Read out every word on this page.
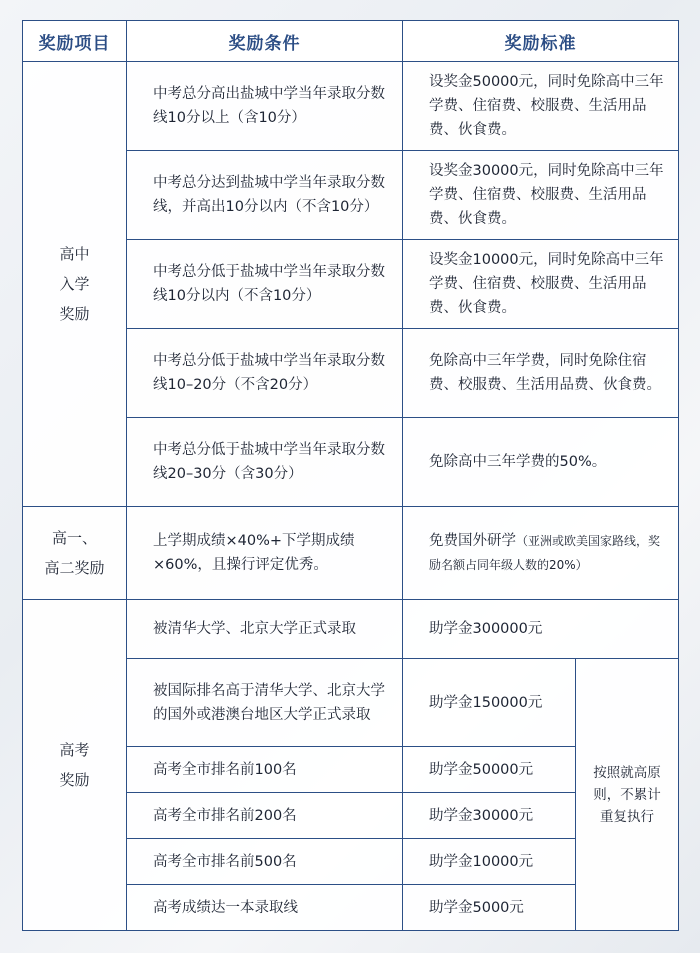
奖励项目	奖励条件	奖励标准	

高中
入学
奖励	中考总分高出盐城中学当年录取分数线10分以上（含10分）	设奖金50000元，同时免除高中三年学费、住宿费、校服费、生活用品费、伙食费。	
	中考总分达到盐城中学当年录取分数线，并高出10分以内（不含10分）	设奖金30000元，同时免除高中三年学费、住宿费、校服费、生活用品费、伙食费。	
	中考总分低于盐城中学当年录取分数线10分以内（不含10分）	设奖金10000元，同时免除高中三年学费、住宿费、校服费、生活用品费、伙食费。	
	中考总分低于盐城中学当年录取分数线10–20分（不含20分）	免除高中三年学费，同时免除住宿费、校服费、生活用品费、伙食费。	
	中考总分低于盐城中学当年录取分数线20–30分（含30分）	免除高中三年学费的50%。	

高一、
高二奖励	上学期成绩×40%+下学期成绩×60%，且操行评定优秀。	免费国外研学（亚洲或欧美国家路线，奖励名额占同年级人数的20%）	

高考
奖励	被清华大学、北京大学正式录取	助学金300000元	
	被国际排名高于清华大学、北京大学的国外或港澳台地区大学正式录取	助学金150000元	按照就高原
则，不累计
重复执行

	高考全市排名前100名	助学金50000元	
	高考全市排名前200名	助学金30000元	
	高考全市排名前500名	助学金10000元	
	高考成绩达一本录取线	助学金5000元	
